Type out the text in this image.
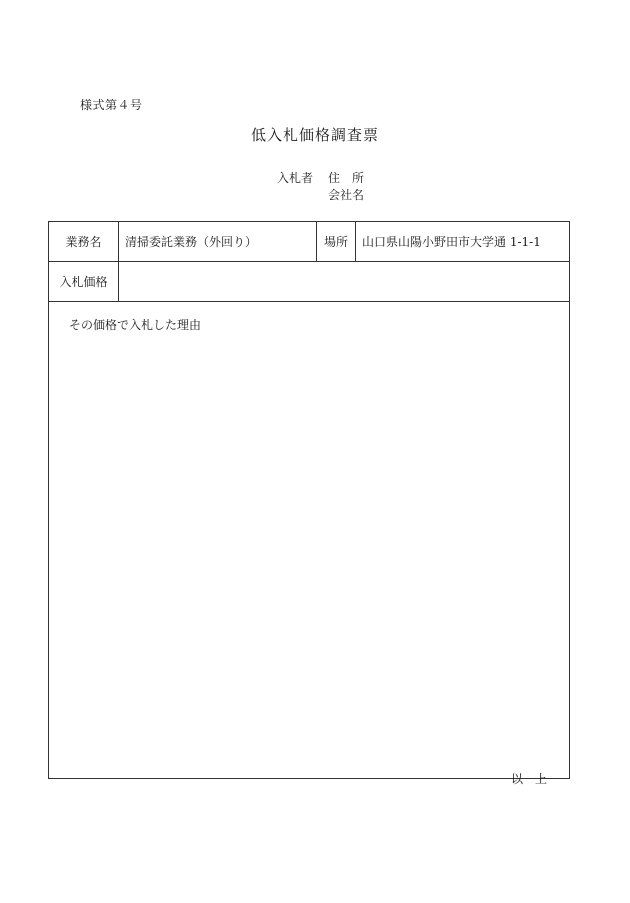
様式第４号
低入札価格調査票
入札者	住　所
会社名
業務名	清掃委託業務（外回り）	場所	山口県山陽小野田市大学通 1-1-1
入札価格			
その価格で入札した理由			
以　上
